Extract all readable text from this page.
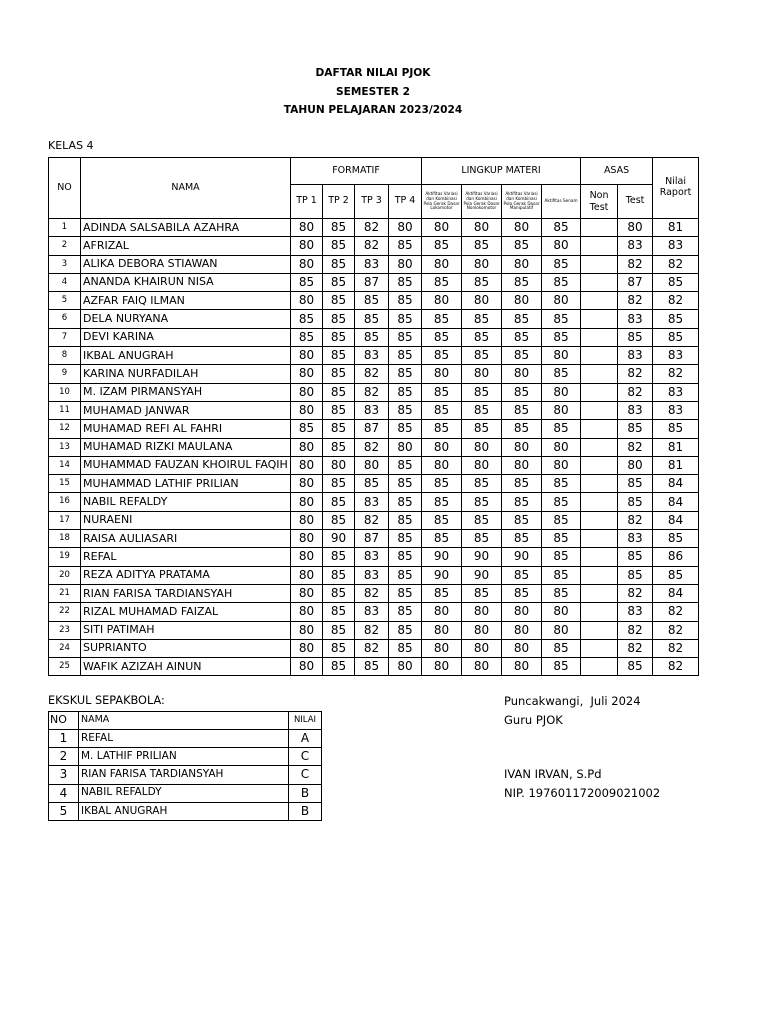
DAFTAR NILAI PJOK
SEMESTER 2
TAHUN PELAJARAN 2023/2024
KELAS 4
NO	NAMA	FORMATIF				LINGKUP MATERI				ASAS		Nilai Raport
		TP 1	TP 2	TP 3	TP 4	Aktifitas Variasi dan Kombinasi Pola Gerak Dasar Lokomotor	Aktifitas Variasi dan Kombinasi Pola Gerak Dasar Nonlokomotor	Aktifitas Variasi dan Kombinasi Pola Gerak Dasar Manipulatif	Aktifitas Senam	Non Test	Test	
1	ADINDA SALSABILA AZAHRA	80	85	82	80	80	80	80	85		80	81
2	AFRIZAL	80	85	82	85	85	85	85	80		83	83
3	ALIKA DEBORA STIAWAN	80	85	83	80	80	80	80	85		82	82
4	ANANDA KHAIRUN NISA	85	85	87	85	85	85	85	85		87	85
5	AZFAR FAIQ ILMAN	80	85	85	85	80	80	80	80		82	82
6	DELA NURYANA	85	85	85	85	85	85	85	85		83	85
7	DEVI KARINA	85	85	85	85	85	85	85	85		85	85
8	IKBAL ANUGRAH	80	85	83	85	85	85	85	80		83	83
9	KARINA NURFADILAH	80	85	82	85	80	80	80	85		82	82
10	M. IZAM PIRMANSYAH	80	85	82	85	85	85	85	80		82	83
11	MUHAMAD JANWAR	80	85	83	85	85	85	85	80		83	83
12	MUHAMAD REFI AL FAHRI	85	85	87	85	85	85	85	85		85	85
13	MUHAMAD RIZKI MAULANA	80	85	82	80	80	80	80	80		82	81
14	MUHAMMAD FAUZAN KHOIRUL FAQIH	80	80	80	85	80	80	80	80		80	81
15	MUHAMMAD LATHIF PRILIAN	80	85	85	85	85	85	85	85		85	84
16	NABIL REFALDY	80	85	83	85	85	85	85	85		85	84
17	NURAENI	80	85	82	85	85	85	85	85		82	84
18	RAISA AULIASARI	80	90	87	85	85	85	85	85		83	85
19	REFAL	80	85	83	85	90	90	90	85		85	86
20	REZA ADITYA PRATAMA	80	85	83	85	90	90	85	85		85	85
21	RIAN FARISA TARDIANSYAH	80	85	82	85	85	85	85	85		82	84
22	RIZAL MUHAMAD FAIZAL	80	85	83	85	80	80	80	80		83	82
23	SITI PATIMAH	80	85	82	85	80	80	80	80		82	82
24	SUPRIANTO	80	85	82	85	80	80	80	85		82	82
25	WAFIK AZIZAH AINUN	80	85	85	80	80	80	80	85		85	82
EKSKUL SEPAKBOLA:
NO	NAMA	NILAI
1	REFAL	A
2	M. LATHIF PRILIAN	C
3	RIAN FARISA TARDIANSYAH	C
4	NABIL REFALDY	B
5	IKBAL ANUGRAH	B
Puncakwangi,  Juli 2024
Guru PJOK
IVAN IRVAN, S.Pd
NIP. 197601172009021002
